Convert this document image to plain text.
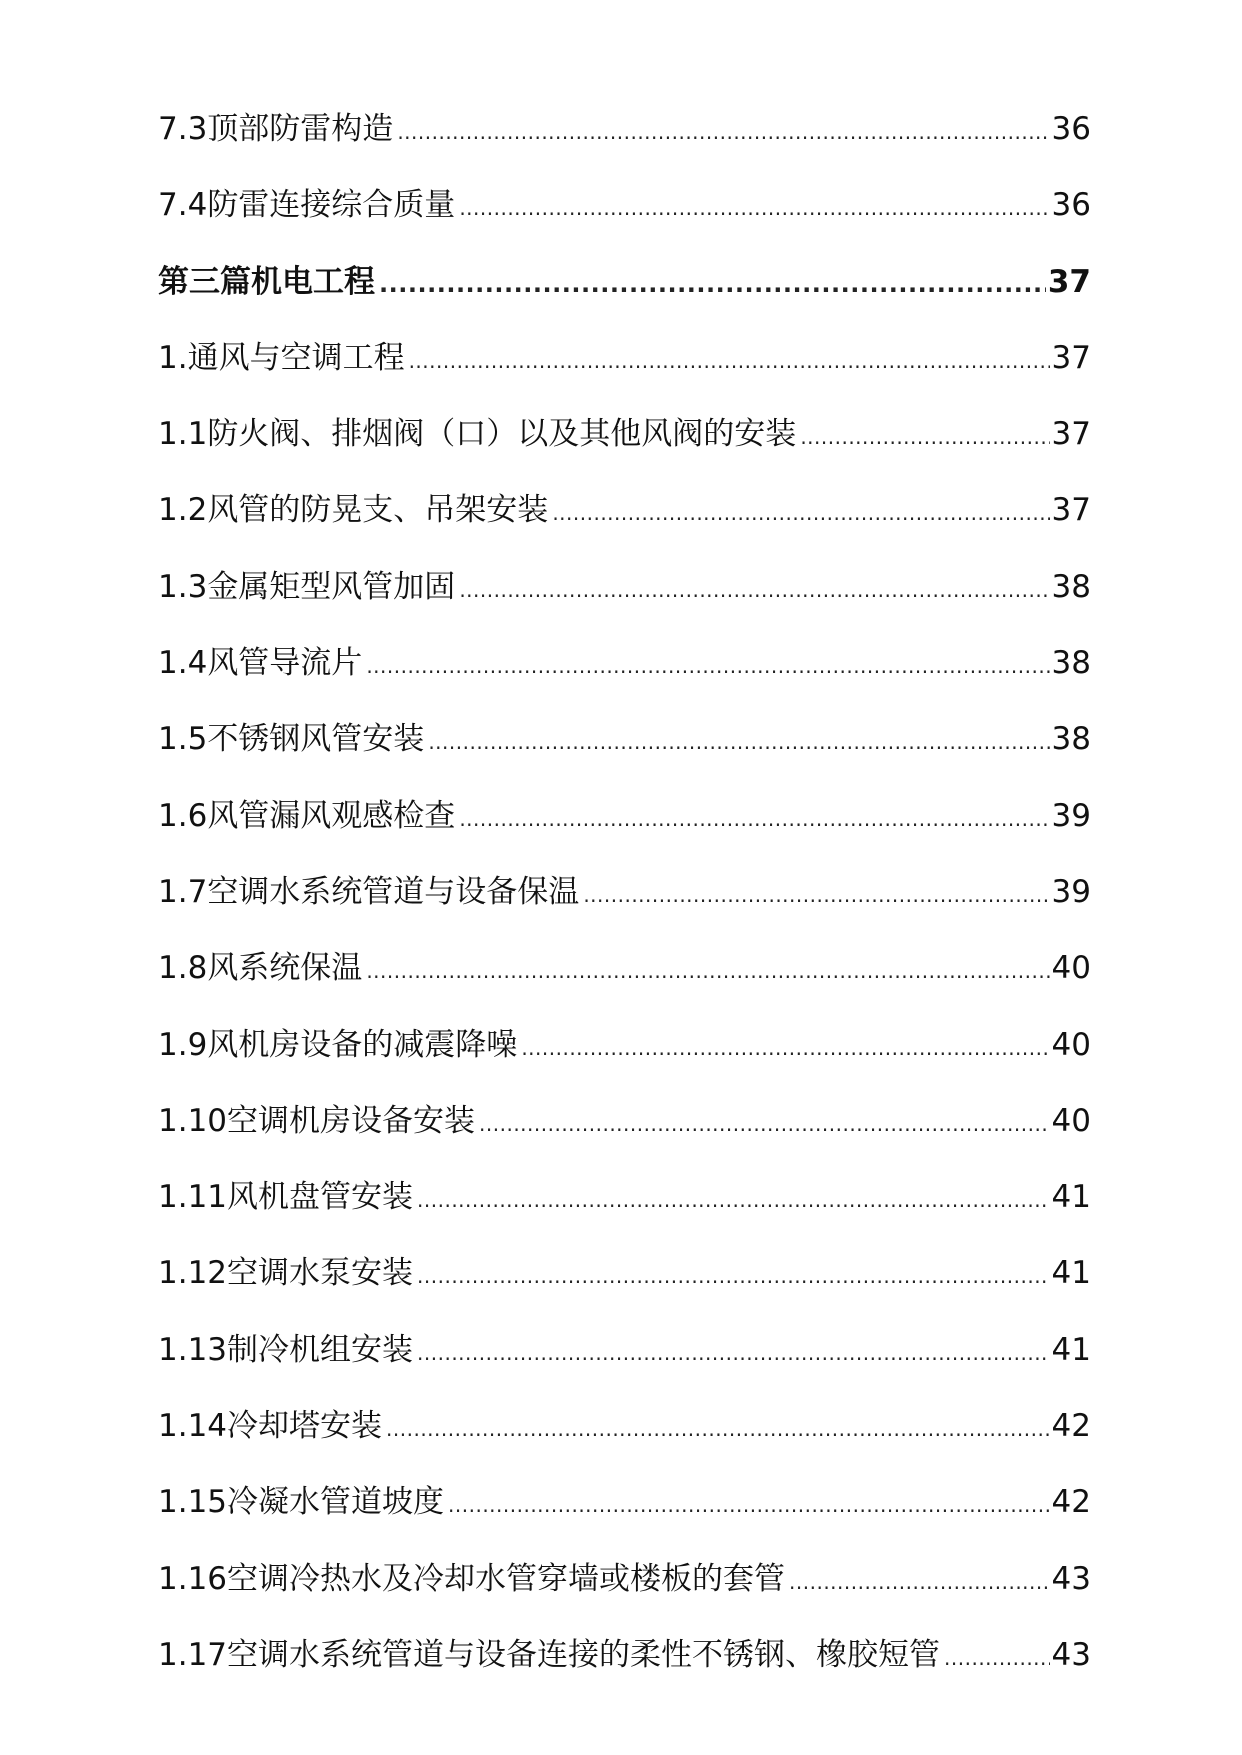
7.3 顶部防雷构造 .....	36
7.4 防雷连接综合质量 .....	36
第三篇 机电工程 .....	37
1. 通风与空调工程 .....	37
1.1 防火阀、排烟阀（口）以及其他风阀的安装 .....	37
1.2 风管的防晃支、吊架安装 .....	37
1.3 金属矩型风管加固 .....	38
1.4 风管导流片 .....	38
1.5 不锈钢风管安装 .....	38
1.6 风管漏风观感检查 .....	39
1.7 空调水系统管道与设备保温 .....	39
1.8 风系统保温 .....	40
1.9 风机房设备的减震降噪 .....	40
1.10 空调机房设备安装 .....	40
1.11 风机盘管安装 .....	41
1.12 空调水泵安装 .....	41
1.13 制冷机组安装 .....	41
1.14 冷却塔安装 .....	42
1.15 冷凝水管道坡度 .....	42
1.16 空调冷热水及冷却水管穿墙或楼板的套管 .....	43
1.17 空调水系统管道与设备连接的柔性不锈钢、橡胶短管 .....	43
